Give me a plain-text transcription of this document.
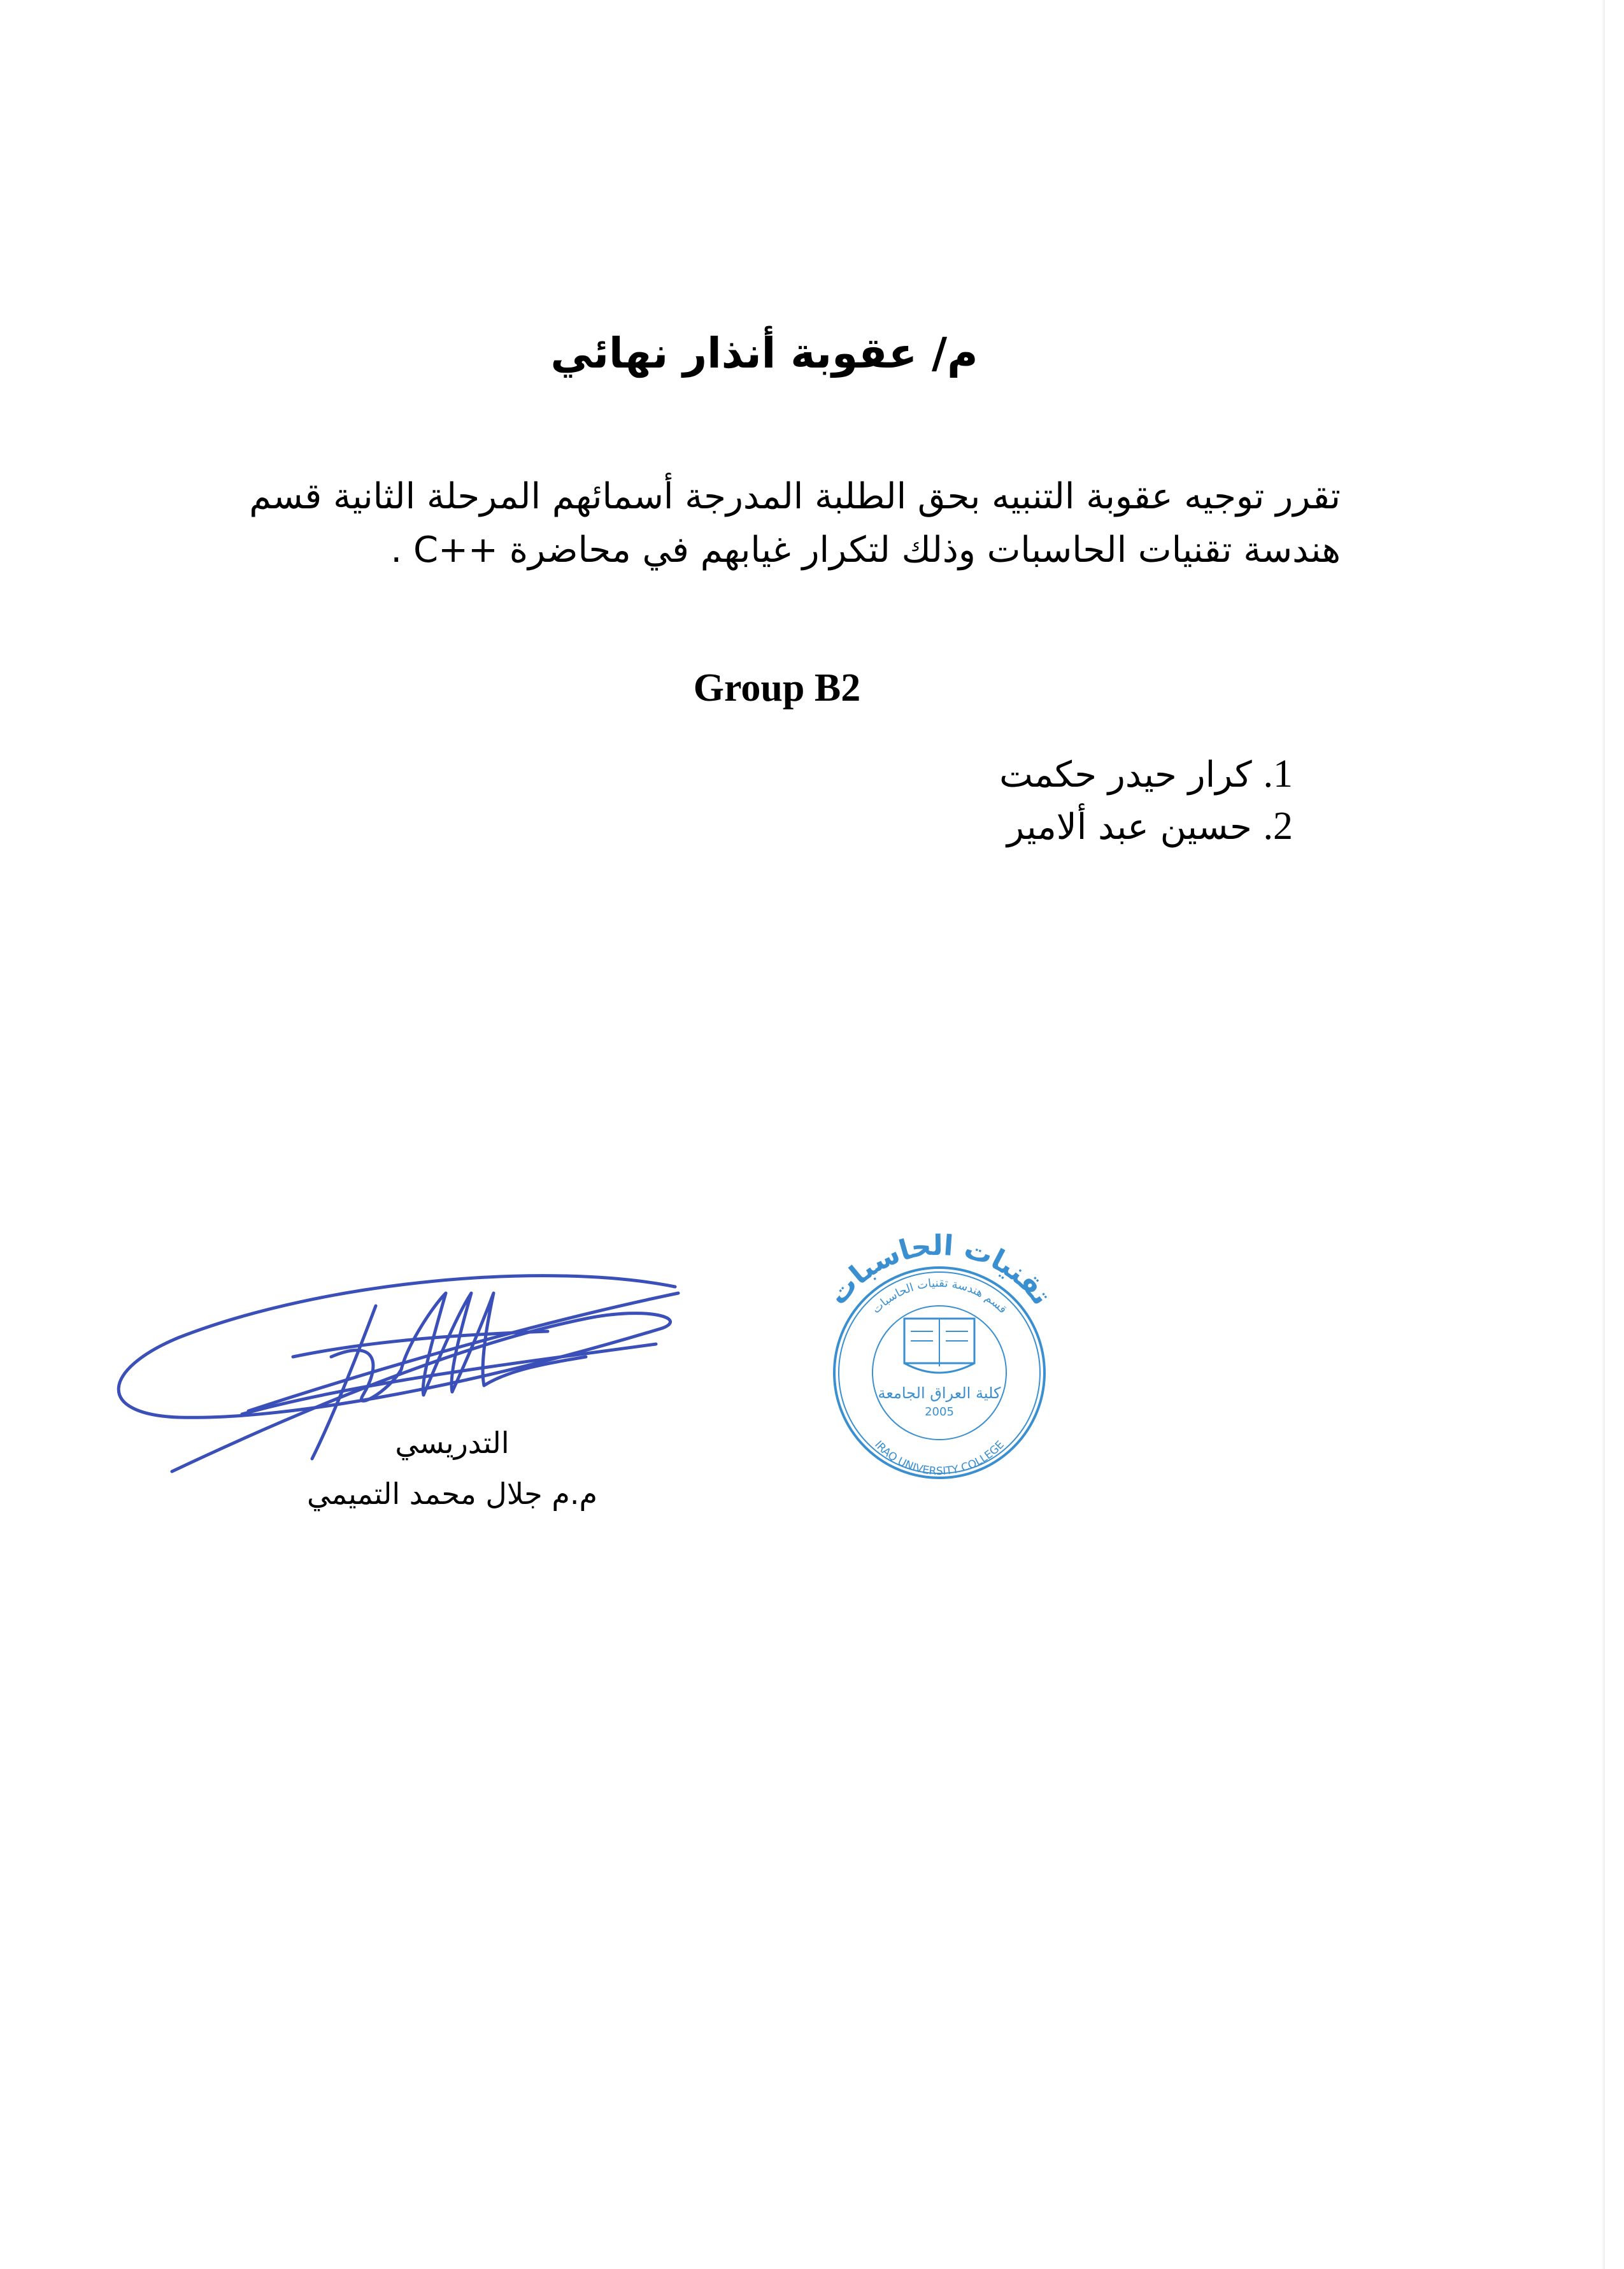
م/ عقوبة أنذار نهائي
تقرر توجيه عقوبة التنبيه بحق الطلبة المدرجة أسمائهم المرحلة الثانية قسم
هندسة تقنيات الحاسبات وذلك لتكرار غيابهم في محاضرة ++C .
Group B2
1. كرار حيدر حكمت
2. حسين عبد ألامير
التدريسي
م.م جلال محمد التميمي
تقنيات الحاسبات
قسم هندسة تقنيات الحاسبات
IRAQ UNIVERSITY COLLEGE
كلية العراق الجامعة
2005
